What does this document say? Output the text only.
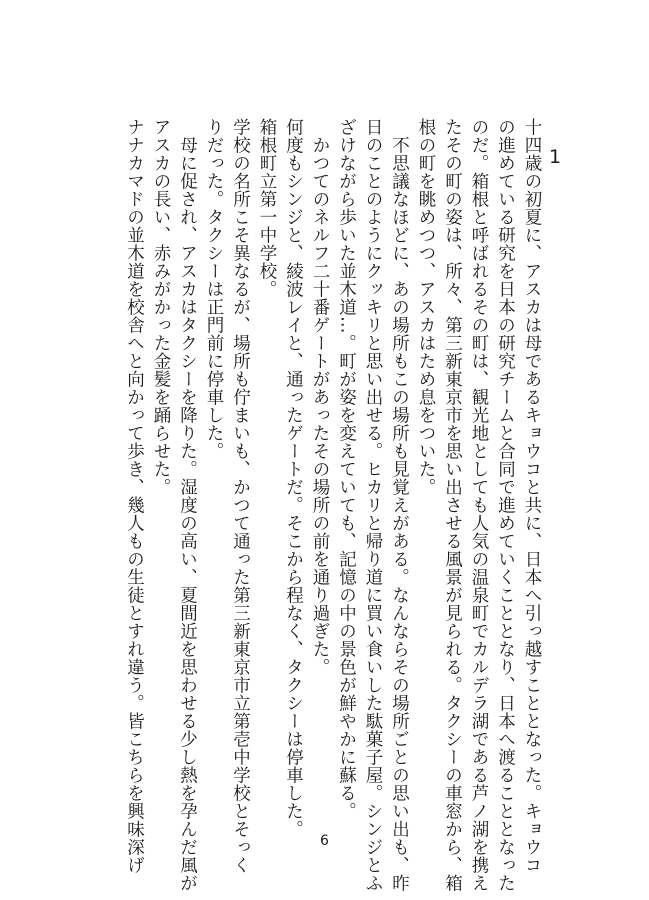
1

十四歳の初夏に、アスカは母であるキョウコと共に、日本へ引っ越すこととなった。キョウコ

の進めている研究を日本の研究チームと合同で進めていくこととなり、日本へ渡ることとなった

のだ。箱根と呼ばれるその町は、観光地としても人気の温泉町でカルデラ湖である芦ノ湖を携え

たその町の姿は、所々、第三新東京市を思い出させる風景が見られる。タクシーの車窓から、箱

根の町を眺めつつ、アスカはため息をついた。

不思議なほどに、あの場所もこの場所も見覚えがある。なんならその場所ごとの思い出も、昨

日のことのようにクッキリと思い出せる。ヒカリと帰り道に買い食いした駄菓子屋。シンジとふ

ざけながら歩いた並木道…。町が姿を変えていても、記憶の中の景色が鮮やかに蘇る。

かつてのネルフ二十番ゲートがあったその場所の前を通り過ぎた。

何度もシンジと、綾波レイと、通ったゲートだ。そこから程なく、タクシーは停車した。

箱根町立第一中学校。

学校の名所こそ異なるが、場所も佇まいも、かつて通った第三新東京市立第壱中学校とそっく

りだった。タクシーは正門前に停車した。

母に促され、アスカはタクシーを降りた。湿度の高い、夏間近を思わせる少し熱を孕んだ風が

アスカの長い、赤みがかった金髪を踊らせた。

ナナカマドの並木道を校舎へと向かって歩き、幾人もの生徒とすれ違う。皆こちらを興味深げ	6
